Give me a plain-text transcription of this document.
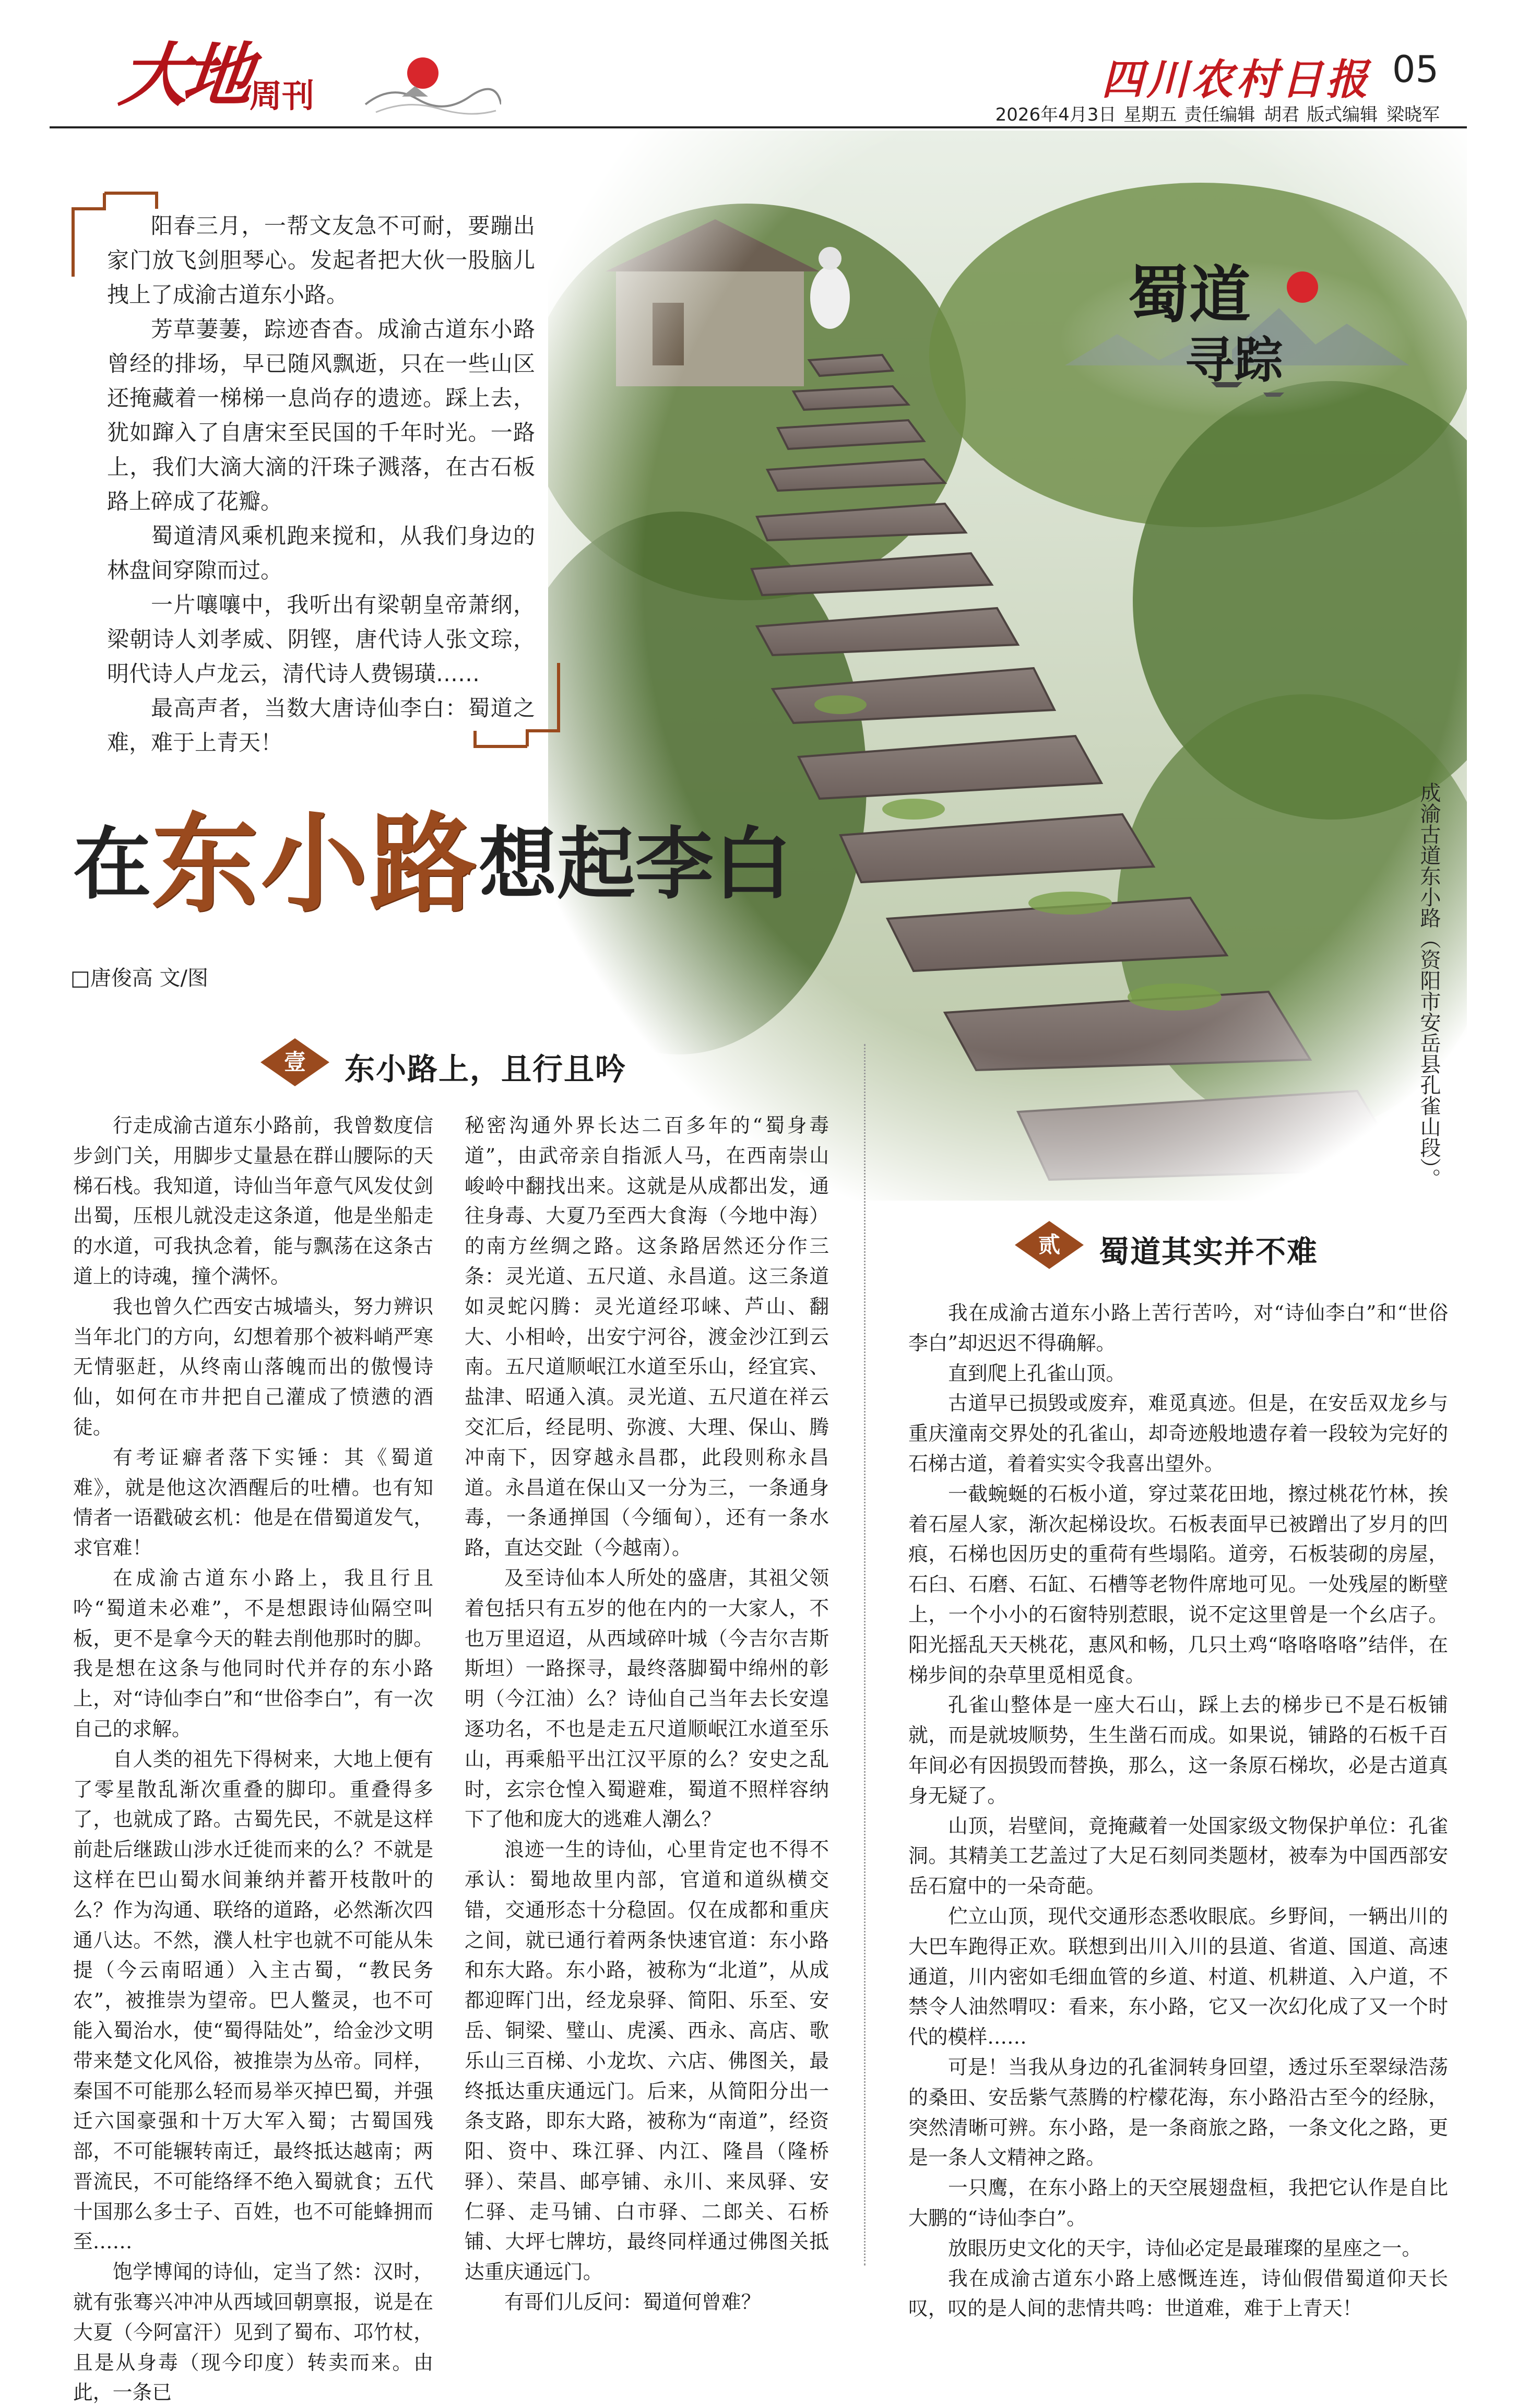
大地
周刊	四川农村日报 05
2026年4月3日 星期五 责任编辑 胡君 版式编辑 梁晓军
蜀道
寻踪

阳春三月，一帮文友急不可耐，要蹦出家门放飞剑胆琴心。发起者把大伙一股脑儿拽上了成渝古道东小路。

芳草萋萋，踪迹杳杳。成渝古道东小路曾经的排场，早已随风飘逝，只在一些山区还掩藏着一梯梯一息尚存的遗迹。踩上去，犹如蹿入了自唐宋至民国的千年时光。一路上，我们大滴大滴的汗珠子溅落，在古石板路上碎成了花瓣。

蜀道清风乘机跑来搅和，从我们身边的林盘间穿隙而过。

一片嚷嚷中，我听出有梁朝皇帝萧纲，梁朝诗人刘孝威、阴铿，唐代诗人张文琮，明代诗人卢龙云，清代诗人费锡璜……

最高声者，当数大唐诗仙李白：蜀道之难，难于上青天！

在东小路想起李白
□唐俊高 文/图	成渝古道东小路（资阳市安岳县孔雀山段）。
壹	东小路上，且行且吟

行走成渝古道东小路前，我曾数度信步剑门关，用脚步丈量悬在群山腰际的天梯石栈。我知道，诗仙当年意气风发仗剑出蜀，压根儿就没走这条道，他是坐船走的水道，可我执念着，能与飘荡在这条古道上的诗魂，撞个满怀。

我也曾久伫西安古城墙头，努力辨识当年北门的方向，幻想着那个被料峭严寒无情驱赶，从终南山落魄而出的傲慢诗仙，如何在市井把自己灌成了愤懑的酒徒。

有考证癖者落下实锤：其《蜀道难》，就是他这次酒醒后的吐槽。也有知情者一语戳破玄机：他是在借蜀道发气，求官难！

在成渝古道东小路上，我且行且吟“蜀道未必难”，不是想跟诗仙隔空叫板，更不是拿今天的鞋去削他那时的脚。我是想在这条与他同时代并存的东小路上，对“诗仙李白”和“世俗李白”，有一次自己的求解。

自人类的祖先下得树来，大地上便有了零星散乱渐次重叠的脚印。重叠得多了，也就成了路。古蜀先民，不就是这样前赴后继跋山涉水迁徙而来的么？不就是这样在巴山蜀水间兼纳并蓄开枝散叶的么？作为沟通、联络的道路，必然渐次四通八达。不然，濮人杜宇也就不可能从朱提（今云南昭通）入主古蜀，“教民务农”，被推崇为望帝。巴人鳖灵，也不可能入蜀治水，使“蜀得陆处”，给金沙文明带来楚文化风俗，被推崇为丛帝。同样，秦国不可能那么轻而易举灭掉巴蜀，并强迁六国豪强和十万大军入蜀；古蜀国残部，不可能辗转南迁，最终抵达越南；两晋流民，不可能络绎不绝入蜀就食；五代十国那么多士子、百姓，也不可能蜂拥而至……

饱学博闻的诗仙，定当了然：汉时，就有张骞兴冲冲从西域回朝禀报，说是在大夏（今阿富汗）见到了蜀布、邛竹杖，且是从身毒（现今印度）转卖而来。由此，一条已

秘密沟通外界长达二百多年的“蜀身毒道”，由武帝亲自指派人马，在西南崇山峻岭中翻找出来。这就是从成都出发，通往身毒、大夏乃至西大食海（今地中海）的南方丝绸之路。这条路居然还分作三条：灵光道、五尺道、永昌道。这三条道如灵蛇闪腾：灵光道经邛崃、芦山、翻大、小相岭，出安宁河谷，渡金沙江到云南。五尺道顺岷江水道至乐山，经宜宾、盐津、昭通入滇。灵光道、五尺道在祥云交汇后，经昆明、弥渡、大理、保山、腾冲南下，因穿越永昌郡，此段则称永昌道。永昌道在保山又一分为三，一条通身毒，一条通掸国（今缅甸），还有一条水路，直达交趾（今越南）。

及至诗仙本人所处的盛唐，其祖父领着包括只有五岁的他在内的一大家人，不也万里迢迢，从西域碎叶城（今吉尔吉斯斯坦）一路探寻，最终落脚蜀中绵州的彰明（今江油）么？诗仙自己当年去长安遑逐功名，不也是走五尺道顺岷江水道至乐山，再乘船平出江汉平原的么？安史之乱时，玄宗仓惶入蜀避难，蜀道不照样容纳下了他和庞大的逃难人潮么？

浪迹一生的诗仙，心里肯定也不得不承认：蜀地故里内部，官道和道纵横交错，交通形态十分稳固。仅在成都和重庆之间，就已通行着两条快速官道：东小路和东大路。东小路，被称为“北道”，从成都迎晖门出，经龙泉驿、简阳、乐至、安岳、铜梁、璧山、虎溪、西永、高店、歌乐山三百梯、小龙坎、六店、佛图关，最终抵达重庆通远门。后来，从简阳分出一条支路，即东大路，被称为“南道”，经资阳、资中、珠江驿、内江、隆昌（隆桥驿）、荣昌、邮亭铺、永川、来凤驿、安仁驿、走马铺、白市驿、二郎关、石桥铺、大坪七牌坊，最终同样通过佛图关抵达重庆通远门。

有哥们儿反问：蜀道何曾难？

贰	蜀道其实并不难

我在成渝古道东小路上苦行苦吟，对“诗仙李白”和“世俗李白”却迟迟不得确解。

直到爬上孔雀山顶。

古道早已损毁或废弃，难觅真迹。但是，在安岳双龙乡与重庆潼南交界处的孔雀山，却奇迹般地遗存着一段较为完好的石梯古道，着着实实令我喜出望外。

一截蜿蜒的石板小道，穿过菜花田地，擦过桃花竹林，挨着石屋人家，渐次起梯设坎。石板表面早已被蹭出了岁月的凹痕，石梯也因历史的重荷有些塌陷。道旁，石板装砌的房屋，石臼、石磨、石缸、石槽等老物件席地可见。一处残屋的断壁上，一个小小的石窗特别惹眼，说不定这里曾是一个幺店子。阳光摇乱天天桃花，惠风和畅，几只土鸡“咯咯咯咯”结伴，在梯步间的杂草里觅相觅食。

孔雀山整体是一座大石山，踩上去的梯步已不是石板铺就，而是就坡顺势，生生凿石而成。如果说，铺路的石板千百年间必有因损毁而替换，那么，这一条原石梯坎，必是古道真身无疑了。

山顶，岩壁间，竟掩藏着一处国家级文物保护单位：孔雀洞。其精美工艺盖过了大足石刻同类题材，被奉为中国西部安岳石窟中的一朵奇葩。

伫立山顶，现代交通形态悉收眼底。乡野间，一辆出川的大巴车跑得正欢。联想到出川入川的县道、省道、国道、高速通道，川内密如毛细血管的乡道、村道、机耕道、入户道，不禁令人油然喟叹：看来，东小路，它又一次幻化成了又一个时代的模样……

可是！当我从身边的孔雀洞转身回望，透过乐至翠绿浩荡的桑田、安岳紫气蒸腾的柠檬花海，东小路沿古至今的经脉，突然清晰可辨。东小路，是一条商旅之路，一条文化之路，更是一条人文精神之路。

一只鹰，在东小路上的天空展翅盘桓，我把它认作是自比大鹏的“诗仙李白”。

放眼历史文化的天宇，诗仙必定是最璀璨的星座之一。

我在成渝古道东小路上感慨连连，诗仙假借蜀道仰天长叹，叹的是人间的悲情共鸣：世道难，难于上青天！
